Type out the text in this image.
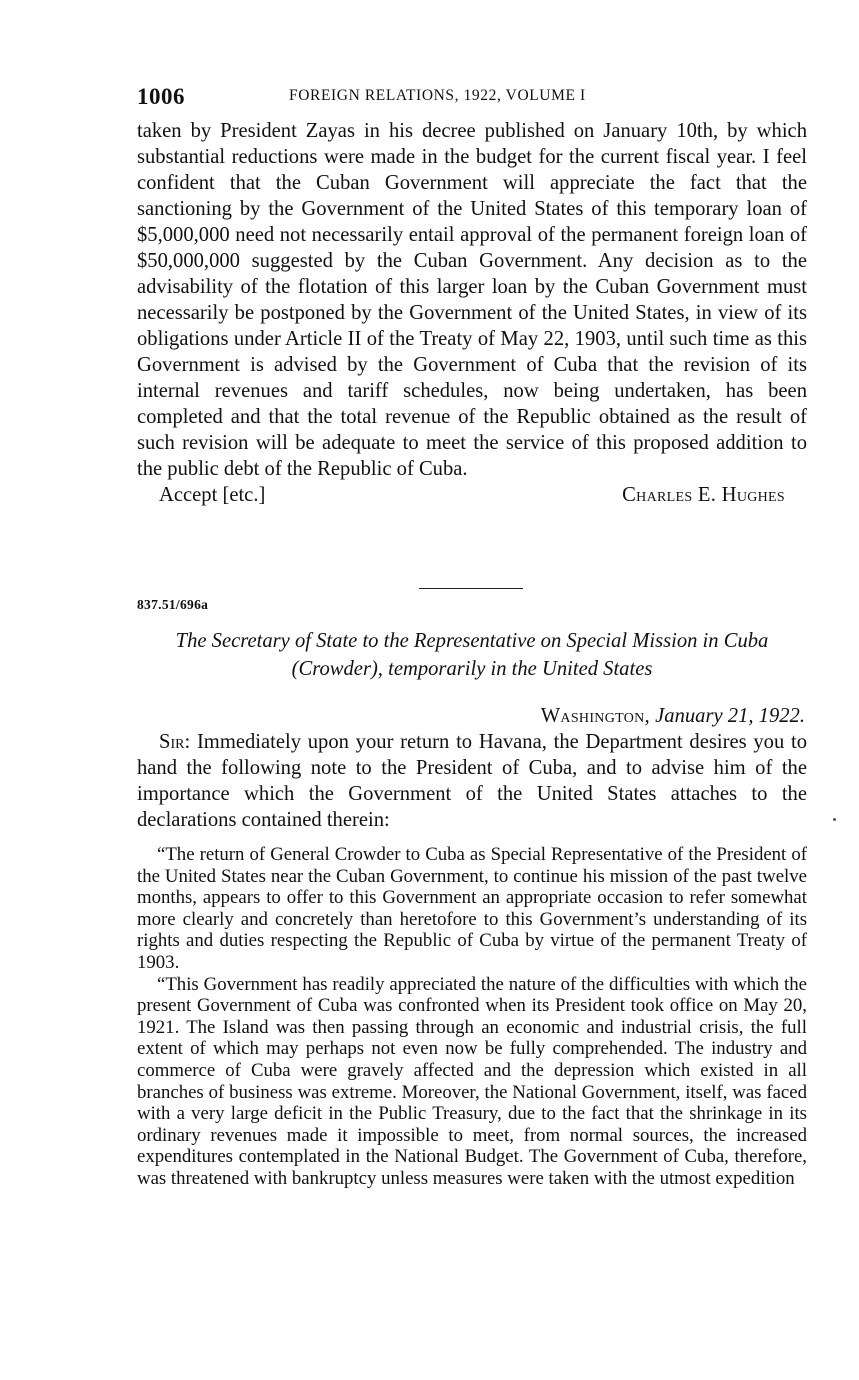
1006	FOREIGN RELATIONS, 1922, VOLUME I

taken by President Zayas in his decree published on January 10th, by which substantial reductions were made in the budget for the current fiscal year. I feel confident that the Cuban Government will appreciate the fact that the sanctioning by the Government of the United States of this temporary loan of $5,000,000 need not necessarily entail approval of the permanent foreign loan of $50,000,000 suggested by the Cuban Government. Any decision as to the advisability of the flotation of this larger loan by the Cuban Government must necessarily be postponed by the Government of the United States, in view of its obligations under Article II of the Treaty of May 22, 1903, until such time as this Government is advised by the Government of Cuba that the revision of its internal revenues and tariff schedules, now being undertaken, has been completed and that the total revenue of the Republic obtained as the result of such revision will be adequate to meet the service of this proposed addition to the public debt of the Republic of Cuba.

Accept [etc.]	Charles E. Hughes
837.51/696a

The Secretary of State to the Representative on Special Mission in Cuba (Crowder), temporarily in the United States

Washington, January 21, 1922.

Sir: Immediately upon your return to Havana, the Department desires you to hand the following note to the President of Cuba, and to advise him of the importance which the Government of the United States attaches to the declarations contained therein:

“The return of General Crowder to Cuba as Special Representative of the President of the United States near the Cuban Government, to continue his mission of the past twelve months, appears to offer to this Government an appropriate occasion to refer somewhat more clearly and concretely than heretofore to this Government’s understanding of its rights and duties respecting the Republic of Cuba by virtue of the permanent Treaty of 1903.

“This Government has readily appreciated the nature of the difficulties with which the present Government of Cuba was confronted when its President took office on May 20, 1921. The Island was then passing through an economic and industrial crisis, the full extent of which may perhaps not even now be fully comprehended. The industry and commerce of Cuba were gravely affected and the depression which existed in all branches of business was extreme. Moreover, the National Government, itself, was faced with a very large deficit in the Public Treasury, due to the fact that the shrinkage in its ordinary revenues made it impossible to meet, from normal sources, the increased expenditures contemplated in the National Budget. The Government of Cuba, therefore, was threatened with bankruptcy unless measures were taken with the utmost expedition
